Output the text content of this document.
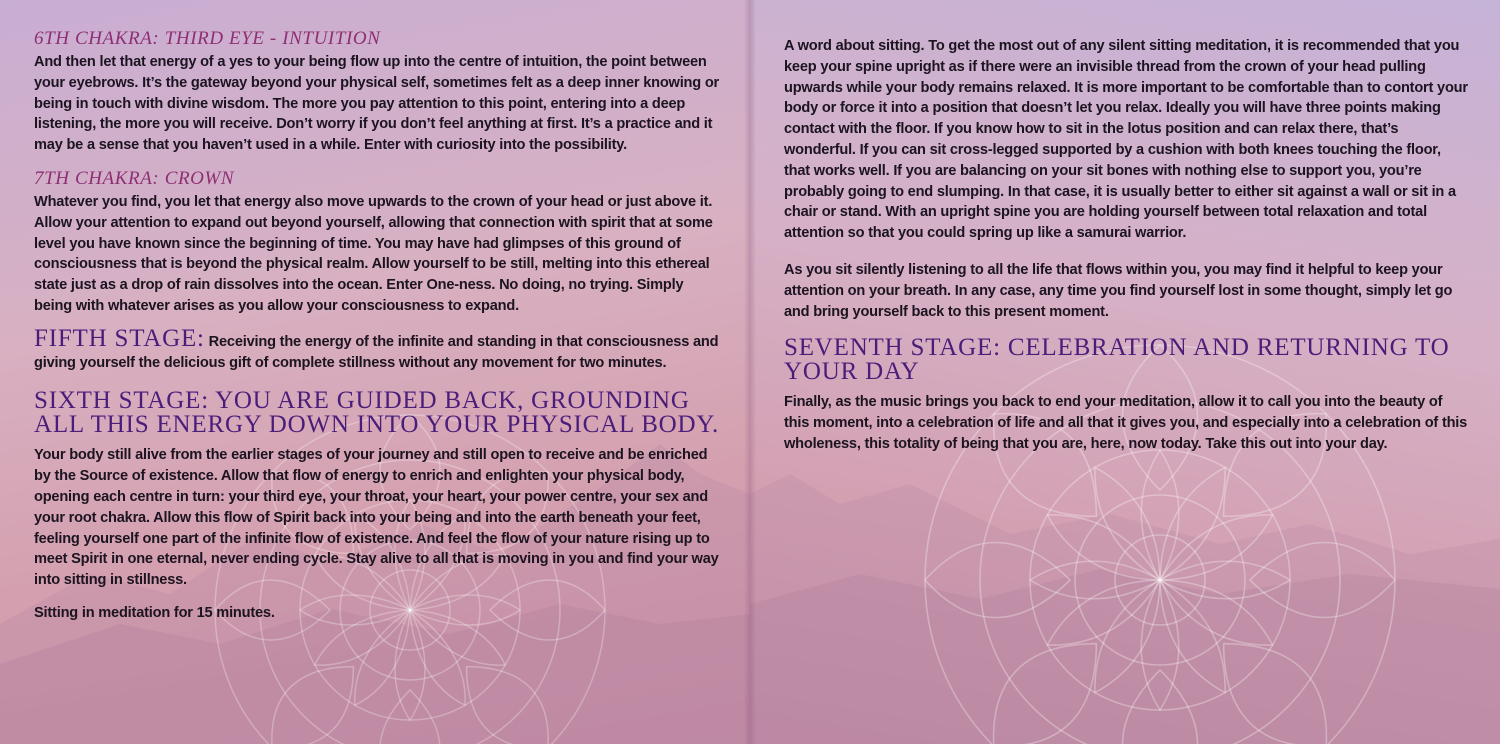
6TH CHAKRA: THIRD EYE - INTUITION

And then let that energy of a yes to your being flow up into the centre of intuition, the point between your eyebrows. It’s the gateway beyond your physical self, sometimes felt as a deep inner knowing or being in touch with divine wisdom. The more you pay attention to this point, entering into a deep listening, the more you will receive. Don’t worry if you don’t feel anything at first. It’s a practice and it may be a sense that you haven’t used in a while. Enter with curiosity into the possibility.

7TH CHAKRA: CROWN

Whatever you find, you let that energy also move upwards to the crown of your head or just above it. Allow your attention to expand out beyond yourself, allowing that connection with spirit that at some level you have known since the beginning of time. You may have had glimpses of this ground of consciousness that is beyond the physical realm. Allow yourself to be still, melting into this ethereal state just as a drop of rain dissolves into the ocean. Enter One-ness. No doing, no trying. Simply being with whatever arises as you allow your consciousness to expand.

FIFTH STAGE: Receiving the energy of the infinite and standing in that consciousness and giving yourself the delicious gift of complete stillness without any movement for two minutes.

SIXTH STAGE: YOU ARE GUIDED BACK, GROUNDING ALL THIS ENERGY DOWN INTO YOUR PHYSICAL BODY.

Your body still alive from the earlier stages of your journey and still open to receive and be enriched by the Source of existence. Allow that flow of energy to enrich and enlighten your physical body, opening each centre in turn: your third eye, your throat, your heart, your power centre, your sex and your root chakra. Allow this flow of Spirit back into your being and into the earth beneath your feet, feeling yourself one part of the infinite flow of existence. And feel the flow of your nature rising up to meet Spirit in one eternal, never ending cycle. Stay alive to all that is moving in you and find your way into sitting in stillness.

Sitting in meditation for 15 minutes.

A word about sitting. To get the most out of any silent sitting meditation, it is recommended that you keep your spine upright as if there were an invisible thread from the crown of your head pulling upwards while your body remains relaxed. It is more important to be comfortable than to contort your body or force it into a position that doesn’t let you relax. Ideally you will have three points making contact with the floor. If you know how to sit in the lotus position and can relax there, that’s wonderful. If you can sit cross-legged supported by a cushion with both knees touching the floor, that works well. If you are balancing on your sit bones with nothing else to support you, you’re probably going to end slumping. In that case, it is usually better to either sit against a wall or sit in a chair or stand. With an upright spine you are holding yourself between total relaxation and total attention so that you could spring up like a samurai warrior.

As you sit silently listening to all the life that flows within you, you may find it helpful to keep your attention on your breath. In any case, any time you find yourself lost in some thought, simply let go and bring yourself back to this present moment.

SEVENTH STAGE: CELEBRATION AND RETURNING TO YOUR DAY

Finally, as the music brings you back to end your meditation, allow it to call you into the beauty of this moment, into a celebration of life and all that it gives you, and especially into a celebration of this wholeness, this totality of being that you are, here, now today. Take this out into your day.
